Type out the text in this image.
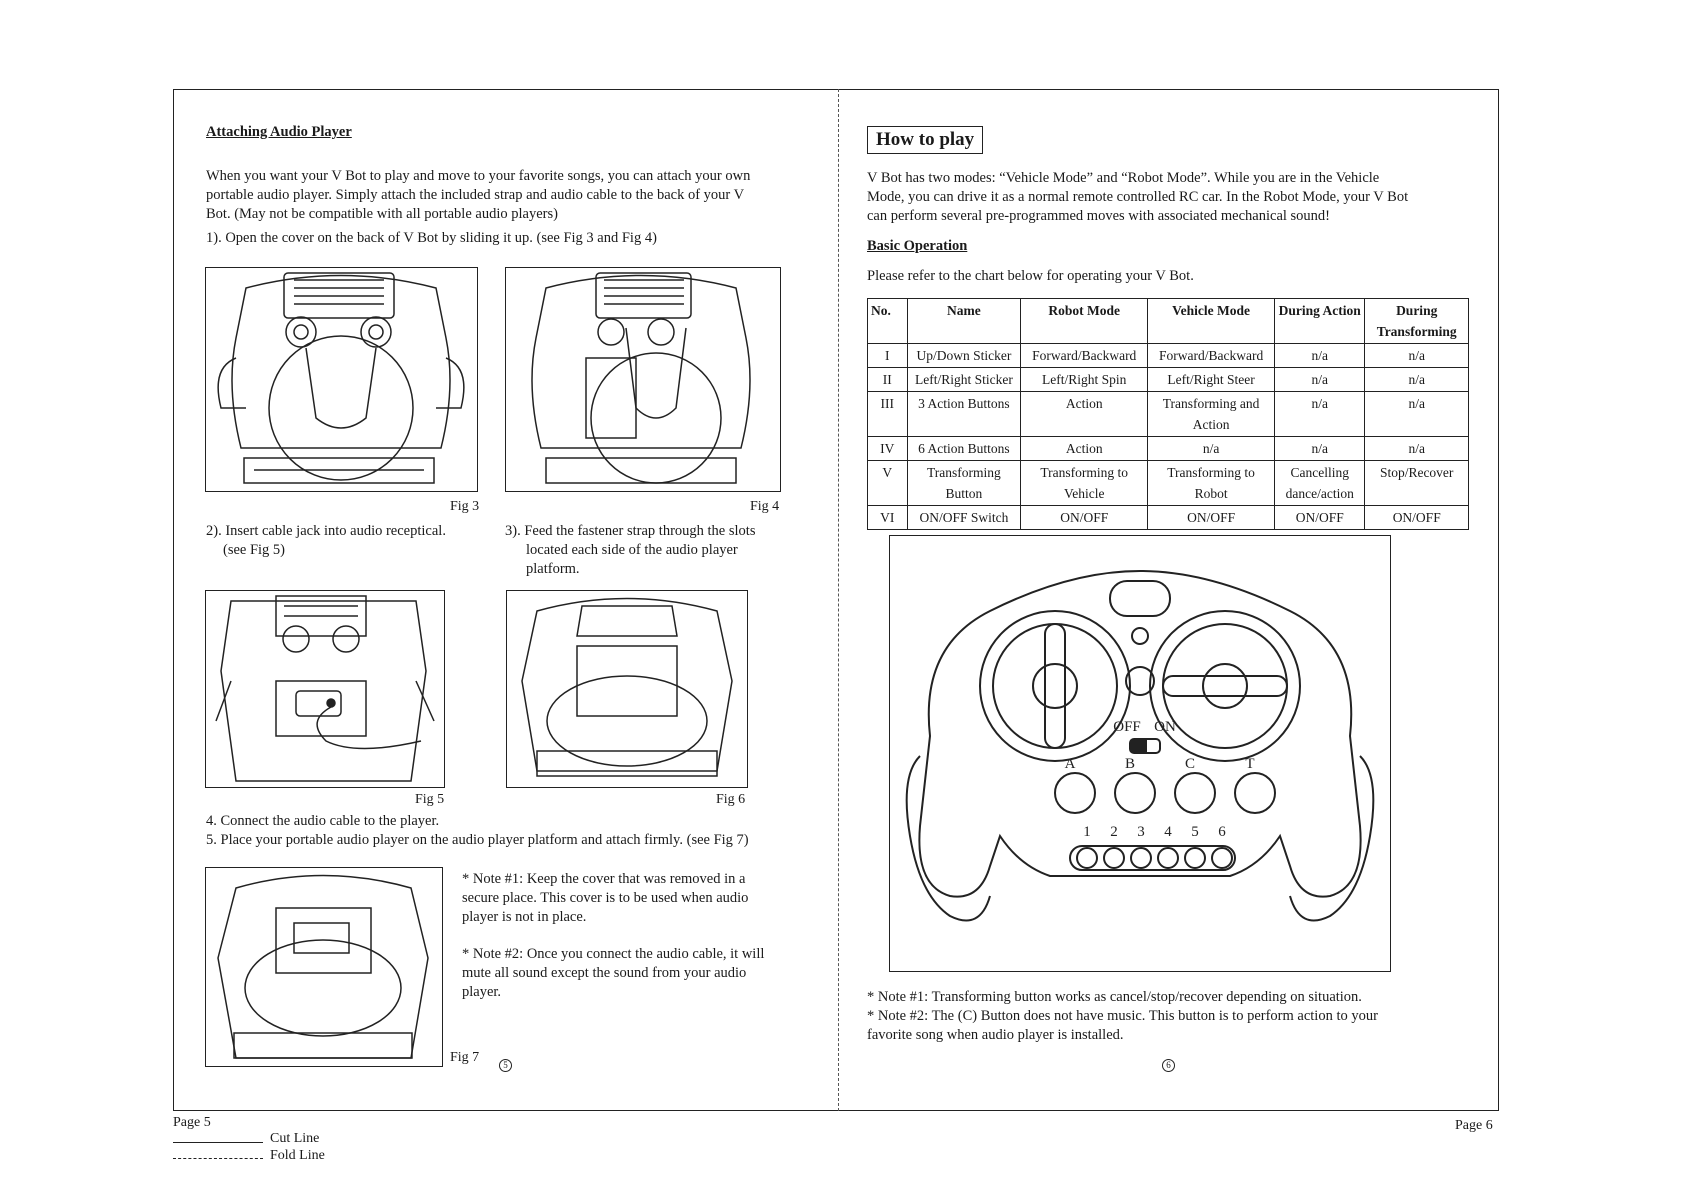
Attaching Audio Player
When you want your V Bot to play and move to your favorite songs, you can attach your own
portable audio player. Simply attach the included strap and audio cable to the back of your V
Bot. (May not be compatible with all portable audio players)
1). Open the cover on the back of V Bot by sliding it up. (see Fig 3 and Fig 4)
Fig 3	Fig 4
2). Insert cable jack into audio receptical.
(see Fig 5)
3). Feed the fastener strap through the slots
located each side of the audio player
platform.
Fig 5	Fig 6
4. Connect the audio cable to the player.
5. Place your portable audio player on the audio player platform and attach firmly. (see Fig 7)
* Note #1: Keep the cover that was removed in a
secure place. This cover is to be used when audio
player is not in place.
* Note #2: Once you connect the audio cable, it will
mute all sound except the sound from your audio
player.
Fig 7	5
How to play
V Bot has two modes: “Vehicle Mode” and “Robot Mode”. While you are in the Vehicle
Mode, you can drive it as a normal remote controlled RC car. In the Robot Mode, your V Bot
can perform several pre-programmed moves with associated mechanical sound!
Basic Operation
Please refer to the chart below for operating your V Bot.
No.	Name	Robot Mode	Vehicle Mode	During Action	During Transforming
I	Up/Down Sticker	Forward/Backward	Forward/Backward	n/a	n/a
II	Left/Right Sticker	Left/Right Spin	Left/Right Steer	n/a	n/a
III	3 Action Buttons	Action	Transforming and Action	n/a	n/a
IV	6 Action Buttons	Action	n/a	n/a	n/a
V	Transforming Button	Transforming to Vehicle	Transforming to Robot	Cancelling dance/action	Stop/Recover
VI	ON/OFF Switch	ON/OFF	ON/OFF	ON/OFF	ON/OFF
OFF ON
A	B	C	T
1 2 3 4 5 6
* Note #1: Transforming button works as cancel/stop/recover depending on situation.
* Note #2: The (C) Button does not have music. This button is to perform action to your
favorite song when audio player is installed.
6
Page 5	Page 6
Cut Line
Fold Line
